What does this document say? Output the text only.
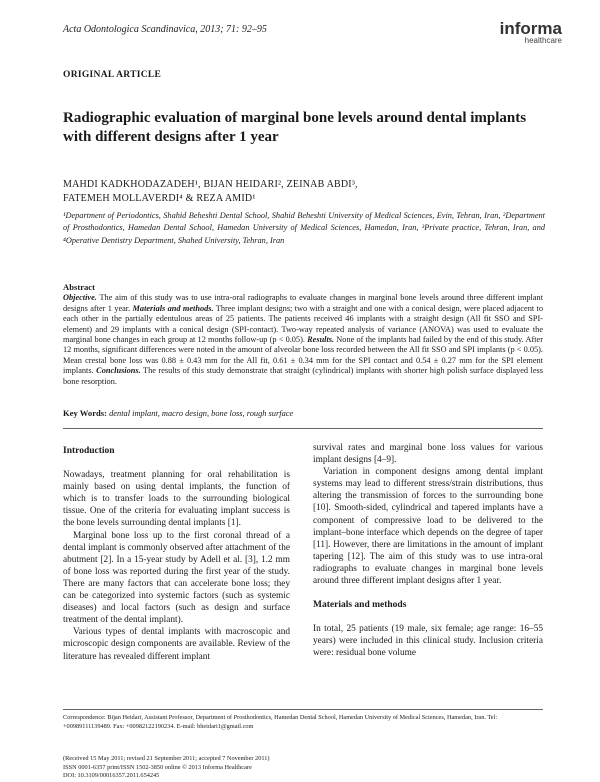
Acta Odontologica Scandinavica, 2013; 71: 92–95	informa
healthcare
ORIGINAL ARTICLE
Radiographic evaluation of marginal bone levels around dental implants with different designs after 1 year
MAHDI KADKHODAZADEH¹, BIJAN HEIDARI², ZEINAB ABDI³,
FATEMEH MOLLAVERDI⁴ & REZA AMID¹
¹Department of Periodontics, Shahid Beheshti Dental School, Shahid Beheshti University of Medical Sciences, Evin, Tehran, Iran, ²Department of Prosthodontics, Hamedan Dental School, Hamedan University of Medical Sciences, Hamedan, Iran, ³Private practice, Tehran, Iran, and ⁴Operative Dentistry Department, Shahed University, Tehran, Iran
Abstract
Objective. The aim of this study was to use intra-oral radiographs to evaluate changes in marginal bone levels around three different implant designs after 1 year. Materials and methods. Three implant designs; two with a straight and one with a conical design, were placed adjacent to each other in the partially edentulous areas of 25 patients. The patients received 46 implants with a straight design (All fit SSO and SPI-element) and 29 implants with a conical design (SPI-contact). Two-way repeated analysis of variance (ANOVA) was used to evaluate the marginal bone changes in each group at 12 months follow-up (p < 0.05). Results. None of the implants had failed by the end of this study. After 12 months, significant differences were noted in the amount of alveolar bone loss recorded between the All fit SSO and SPI implants (p < 0.05). Mean crestal bone loss was 0.88 ± 0.43 mm for the All fit, 0.61 ± 0.34 mm for the SPI contact and 0.54 ± 0.27 mm for the SPI element implants. Conclusions. The results of this study demonstrate that straight (cylindrical) implants with shorter high polish surface displayed less bone resorption.
Key Words: dental implant, macro design, bone loss, rough surface
Introduction

Nowadays, treatment planning for oral rehabilitation is mainly based on using dental implants, the function of which is to transfer loads to the surrounding biological tissue. One of the criteria for evaluating implant success is the bone levels surrounding dental implants [1].

Marginal bone loss up to the first coronal thread of a dental implant is commonly observed after attachment of the abutment [2]. In a 15-year study by Adell et al. [3], 1.2 mm of bone loss was reported during the first year of the study. There are many factors that can accelerate bone loss; they can be categorized into systemic factors (such as systemic diseases) and local factors (such as design and surface treatment of the dental implant).

Various types of dental implants with macroscopic and microscopic design components are available. Review of the literature has revealed different implant

survival rates and marginal bone loss values for various implant designs [4–9].

Variation in component designs among dental implant systems may lead to different stress/strain distributions, thus altering the transmission of forces to the surrounding bone [10]. Smooth-sided, cylindrical and tapered implants have a component of compressive load to be delivered to the implant–bone interface which depends on the degree of taper [11]. However, there are limitations in the amount of implant tapering [12]. The aim of this study was to use intra-oral radiographs to evaluate changes in marginal bone levels around three different implant designs after 1 year.

Materials and methods

In total, 25 patients (19 male, six female; age range: 16–55 years) were included in this clinical study. Inclusion criteria were: residual bone volume

Correspondence: Bijan Heidari, Assistant Professor, Department of Prosthodontics, Hamedan Dental School, Hamedan University of Medical Sciences, Hamedan, Iran. Tel: +00989111139489. Fax: +00982122190234. E-mail: bheidari1@gmail.com
(Received 15 May 2011; revised 21 September 2011; accepted 7 November 2011)
ISSN 0001-6357 print/ISSN 1502-3850 online © 2013 Informa Healthcare
DOI: 10.3109/00016357.2011.654245
